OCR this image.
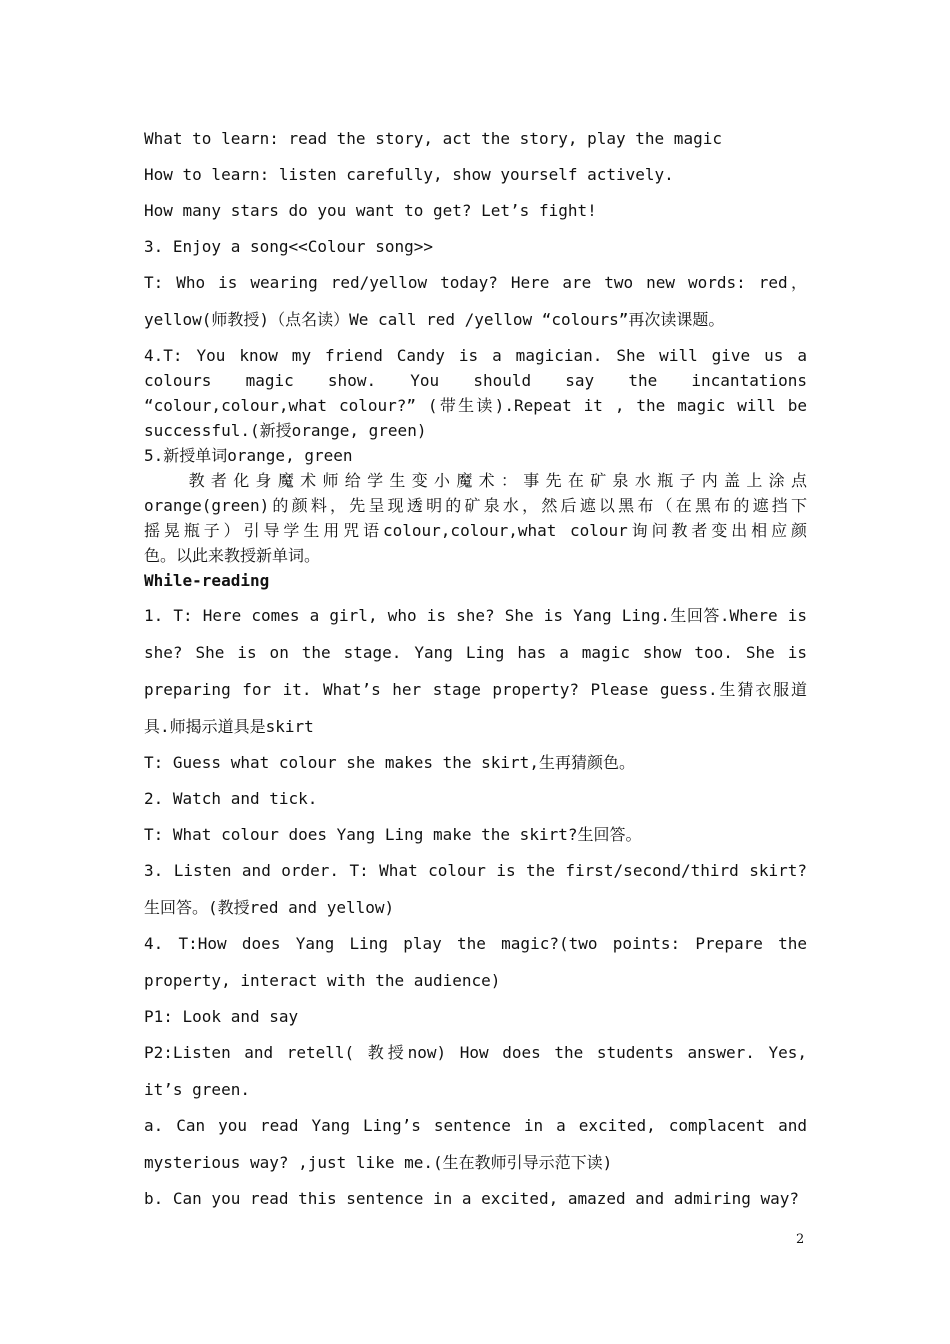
What to learn: read the story, act the story, play the magic

How to learn: listen carefully, show yourself actively.

How many stars do you want to get? Let’s fight!

3. Enjoy a song<<Colour song>>

T: Who is wearing red/yellow today? Here are two new words: red，

yellow(师教授)（点名读）We call red /yellow “colours”再次读课题。

4.T: You know my friend Candy is a magician. She will give us a
colours magic show. You should say the incantations
“colour,colour,what colour?” (带生读).Repeat it , the magic will be
successful.(新授orange, green)
5.新授单词orange, green
　　教者化身魔术师给学生变小魔术：事先在矿泉水瓶子内盖上涂点
orange(green)的颜料，先呈现透明的矿泉水，然后遮以黑布（在黑布的遮挡下
摇晃瓶子）引导学生用咒语colour,colour,what colour询问教者变出相应颜
色。以此来教授新单词。
While-reading

1. T: Here comes a girl, who is she? She is Yang Ling.生回答.Where is

she? She is on the stage. Yang Ling has a magic show too. She is

preparing for it. What’s her stage property? Please guess.生猜衣服道

具.师揭示道具是skirt

T: Guess what colour she makes the skirt,生再猜颜色。

2. Watch and tick.

T: What colour does Yang Ling make the skirt?生回答。

3. Listen and order. T: What colour is the first/second/third skirt?

生回答。(教授red and yellow)

4. T:How does Yang Ling play the magic?(two points: Prepare the

property, interact with the audience)

P1: Look and say

P2:Listen and retell( 教授now) How does the students answer. Yes,

it’s green.

a. Can you read Yang Ling’s sentence in a excited, complacent and

mysterious way? ,just like me.(生在教师引导示范下读)

b. Can you read this sentence in a excited, amazed and admiring way?

2
